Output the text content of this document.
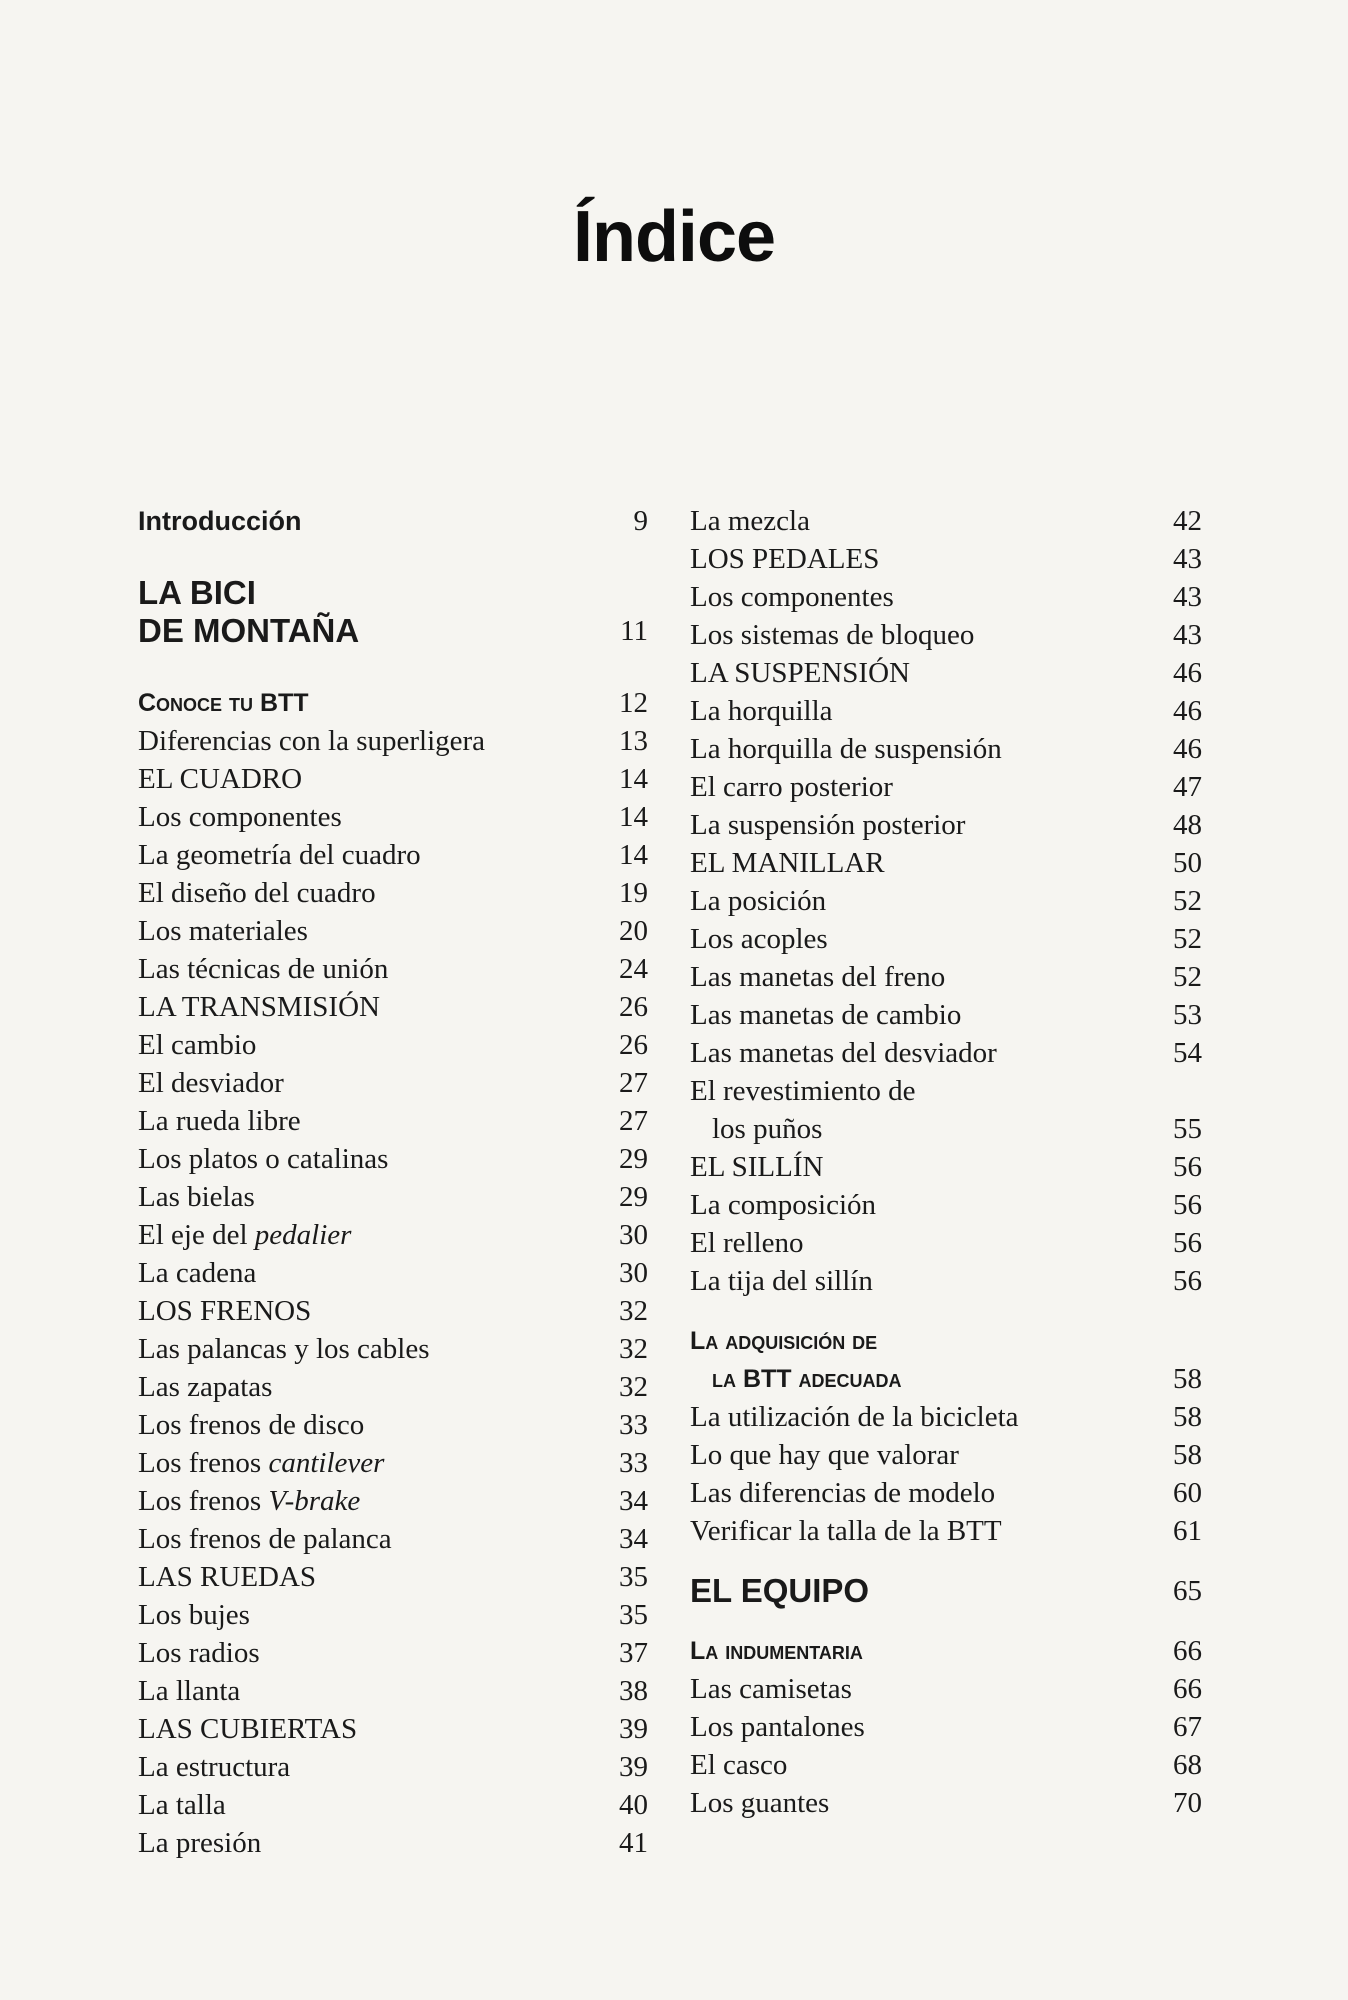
Índice
Introducción	9
LA BICI
DE MONTAÑA	11
Conoce tu BTT	12
Diferencias con la superligera	13
EL CUADRO	14
Los componentes	14
La geometría del cuadro	14
El diseño del cuadro	19
Los materiales	20
Las técnicas de unión	24
LA TRANSMISIÓN	26
El cambio	26
El desviador	27
La rueda libre	27
Los platos o catalinas	29
Las bielas	29
El eje del pedalier	30
La cadena	30
LOS FRENOS	32
Las palancas y los cables	32
Las zapatas	32
Los frenos de disco	33
Los frenos cantilever	33
Los frenos V-brake	34
Los frenos de palanca	34
LAS RUEDAS	35
Los bujes	35
Los radios	37
La llanta	38
LAS CUBIERTAS	39
La estructura	39
La talla	40
La presión	41
La mezcla	42
LOS PEDALES	43
Los componentes	43
Los sistemas de bloqueo	43
LA SUSPENSIÓN	46
La horquilla	46
La horquilla de suspensión	46
El carro posterior	47
La suspensión posterior	48
EL MANILLAR	50
La posición	52
Los acoples	52
Las manetas del freno	52
Las manetas de cambio	53
Las manetas del desviador	54
El revestimiento de
los puños	55
EL SILLÍN	56
La composición	56
El relleno	56
La tija del sillín	56
La adquisición de
la BTT adecuada	58
La utilización de la bicicleta	58
Lo que hay que valorar	58
Las diferencias de modelo	60
Verificar la talla de la BTT	61
EL EQUIPO	65
La indumentaria	66
Las camisetas	66
Los pantalones	67
El casco	68
Los guantes	70
